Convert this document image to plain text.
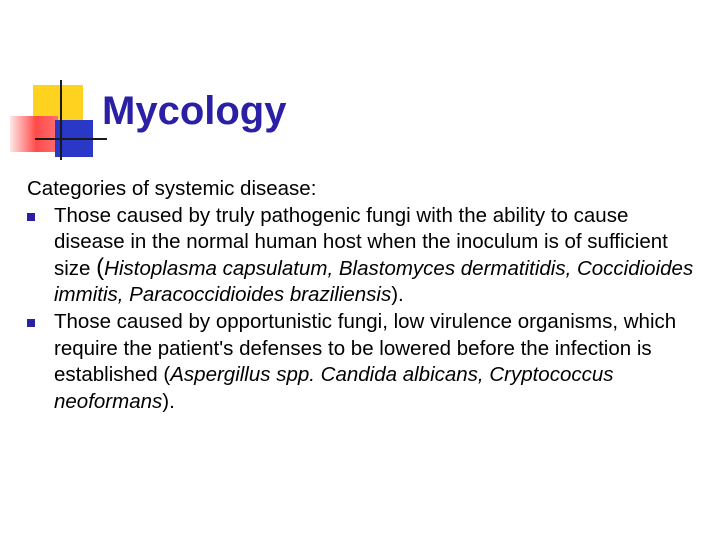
Mycology

Categories of systemic disease:

Those caused by truly pathogenic fungi with the ability to cause disease in the normal human host when the inoculum is of sufficient size (Histoplasma capsulatum, Blastomyces dermatitidis, Coccidioides immitis, Paracoccidioides braziliensis).
Those caused by opportunistic fungi, low virulence organisms, which require the patient's defenses to be lowered before the infection is established (Aspergillus spp. Candida albicans, Cryptococcus neoformans).
